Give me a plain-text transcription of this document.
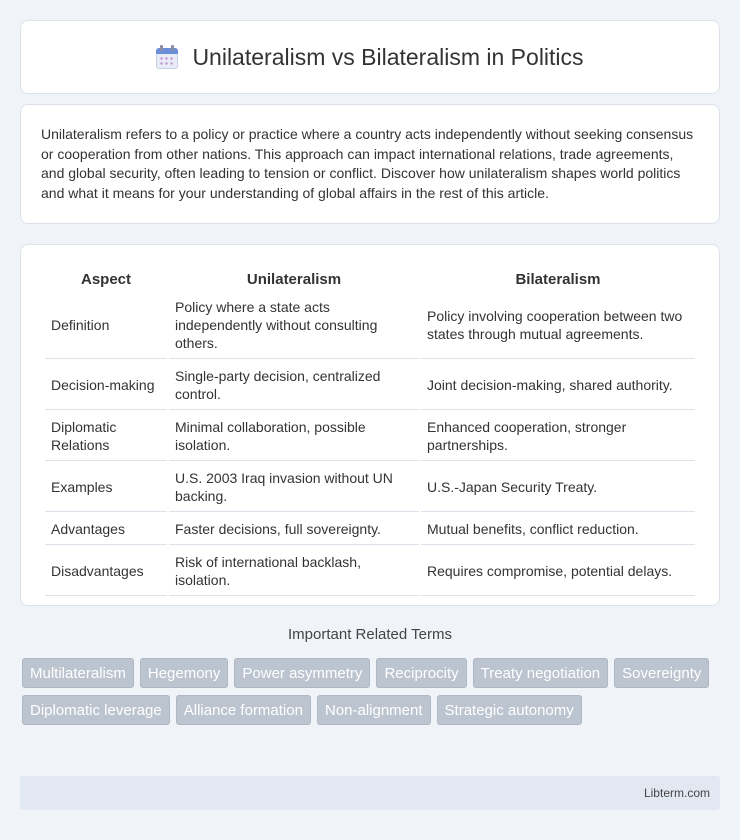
Unilateralism vs Bilateralism in Politics

Unilateralism refers to a policy or practice where a country acts independently without seeking consensus or cooperation from other nations. This approach can impact international relations, trade agreements, and global security, often leading to tension or conflict. Discover how unilateralism shapes world politics and what it means for your understanding of global affairs in the rest of this article.

Aspect	Unilateralism	Bilateralism
Definition	Policy where a state acts independently without consulting others.	Policy involving cooperation between two states through mutual agreements.
Decision-making	Single-party decision, centralized control.	Joint decision-making, shared authority.
Diplomatic Relations	Minimal collaboration, possible isolation.	Enhanced cooperation, stronger partnerships.
Examples	U.S. 2003 Iraq invasion without UN backing.	U.S.-Japan Security Treaty.
Advantages	Faster decisions, full sovereignty.	Mutual benefits, conflict reduction.
Disadvantages	Risk of international backlash, isolation.	Requires compromise, potential delays.
Important Related Terms
Multilateralism	Hegemony	Power asymmetry	Reciprocity	Treaty negotiation	Sovereignty
Diplomatic leverage	Alliance formation	Non-alignment	Strategic autonomy
Libterm.com
